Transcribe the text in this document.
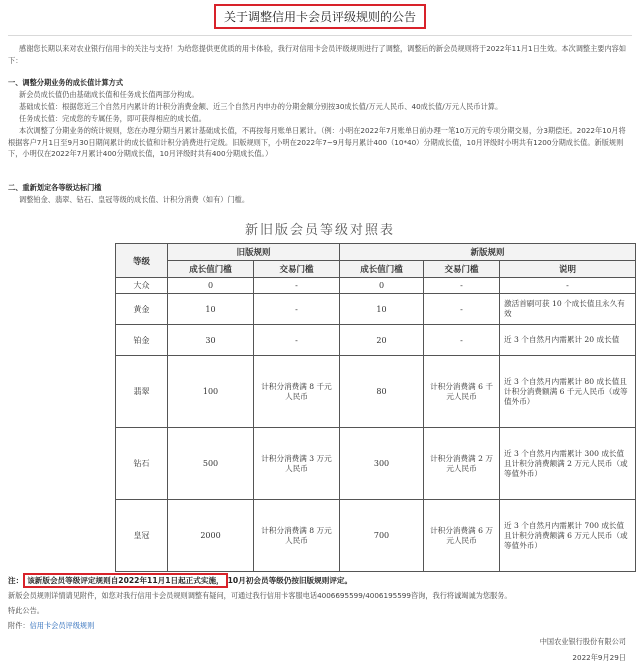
关于调整信用卡会员评级规则的公告

感谢您长期以来对农业银行信用卡的关注与支持！为给您提供更优质的用卡体验，我行对信用卡会员评级规则进行了调整，调整后的新会员规则将于2022年11月1日生效。本次调整主要内容如下：

一、调整分期业务的成长值计算方式

新会员成长值仍由基础成长值和任务成长值两部分构成。

基础成长值：根据您近三个自然月内累计的计积分消费金额、近三个自然月内申办的分期金额分别按30成长值/万元人民币、40成长值/万元人民币计算。

任务成长值：完成您的专属任务，即可获得相应的成长值。

本次调整了分期业务的统计规则，您在办理分期当月累计基础成长值，不再按每月账单日累计。（例：小明在2022年7月账单日前办理一笔10万元的专项分期交易，分3期偿还。2022年10月将根据客户7月1日至9月30日期间累计的成长值和计积分消费进行定级。旧版规则下，小明在2022年7~9月每月累计400（10*40）分期成长值，10月评级时小明共有1200分期成长值。新版规则下，小明仅在2022年7月累计400分期成长值，10月评级时共有400分期成长值。）

二、重新划定各等级达标门槛

调整铂金、翡翠、钻石、皇冠等级的成长值、计积分消费（如有）门槛。

新旧版会员等级对照表
等级	旧版规则		新版规则		
	成长值门槛	交易门槛	成长值门槛	交易门槛	说明
大众	0	-	0	-	-
黄金	10	-	10	-	激活首刷可获 10 个成长值且永久有效
铂金	30	-	20	-	近 3 个自然月内需累计 20 成长值
翡翠	100	计积分消费满 8 千元人民币	80	计积分消费满 6 千元人民币	近 3 个自然月内需累计 80 成长值且计积分消费额满 6 千元人民币（或等值外币）
钻石	500	计积分消费满 3 万元人民币	300	计积分消费满 2 万元人民币	近 3 个自然月内需累计 300 成长值且计积分消费额满 2 万元人民币（或等值外币）
皇冠	2000	计积分消费满 8 万元人民币	700	计积分消费满 6 万元人民币	近 3 个自然月内需累计 700 成长值且计积分消费额满 6 万元人民币（或等值外币）
注： 该新版会员等级评定规则自2022年11月1日起正式实施， 10月初会员等级仍按旧版规则评定。

新版会员规则详情请见附件，如您对我行信用卡会员规则调整有疑问，可通过我行信用卡客服电话4006695599/4006195599咨询，我行将诚竭诚为您服务。

特此公告。

附件：信用卡会员评级规则
中国农业银行股份有限公司
2022年9月29日
